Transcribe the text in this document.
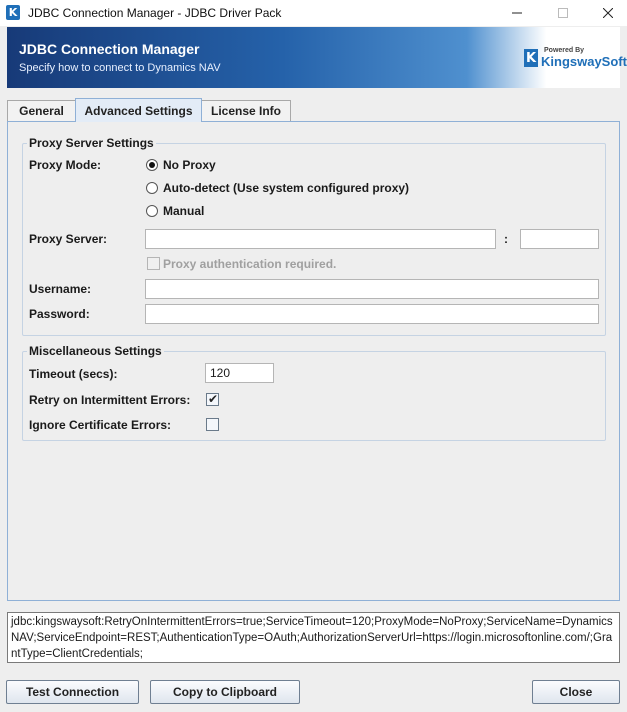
K JDBC Connection Manager - JDBC Driver Pack
JDBC Connection Manager
Specify how to connect to Dynamics NAV
K Powered By
KingswaySoft
General	Advanced Settings	License Info
Proxy Server Settings
Proxy Mode:	No Proxy
Auto-detect (Use system configured proxy)
Manual
Proxy Server:	:
Proxy authentication required.
Username:
Password:
Miscellaneous Settings
Timeout (secs):	120
Retry on Intermittent Errors: ✔
Ignore Certificate Errors:
jdbc:kingswaysoft:RetryOnIntermittentErrors=true;ServiceTimeout=120;ProxyMode=NoProxy;ServiceName=DynamicsNAV;ServiceEndpoint=REST;AuthenticationType=OAuth;AuthorizationServerUrl=https://login.microsoftonline.com/;GrantType=ClientCredentials;
Test Connection	Copy to Clipboard	Close
